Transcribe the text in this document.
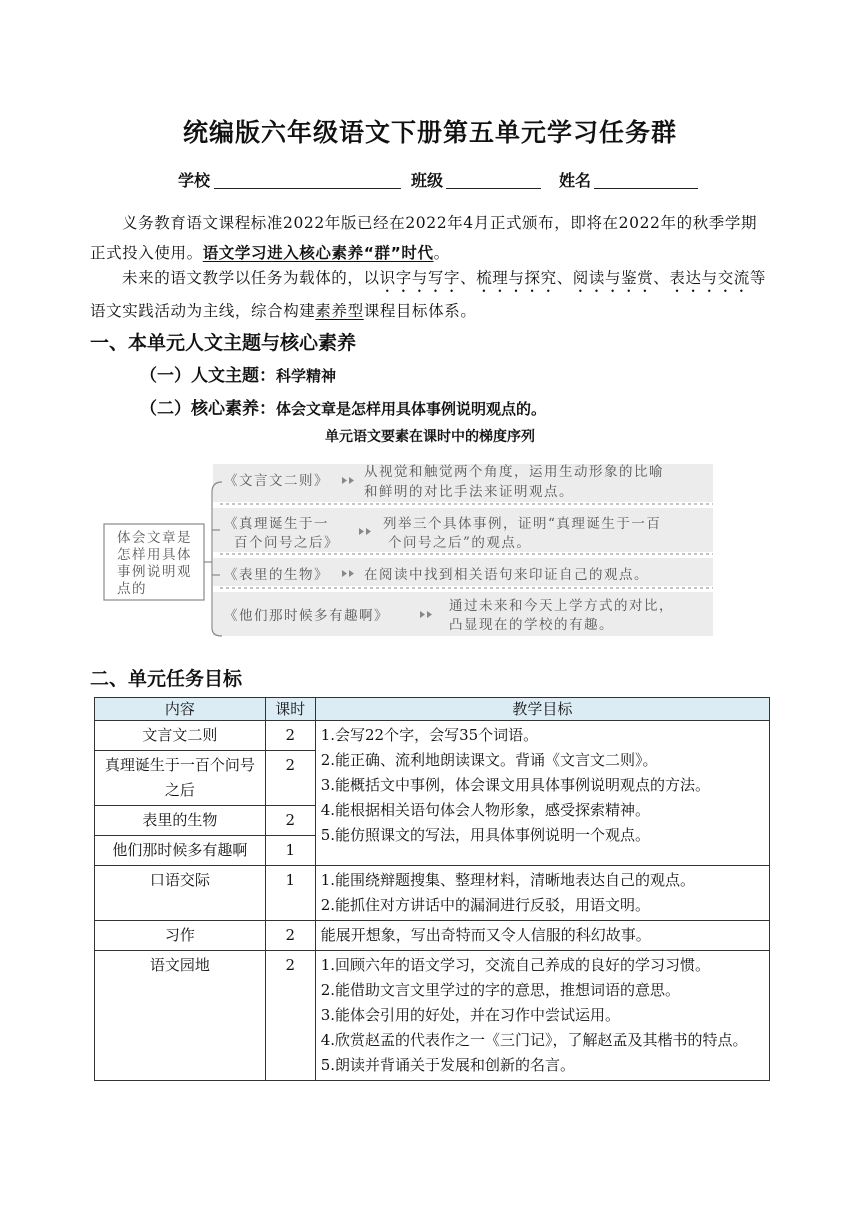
统编版六年级语文下册第五单元学习任务群
学校	班级	姓名
义务教育语文课程标准2022年版已经在2022年4月正式颁布，即将在2022年的秋季学期正式投入使用。语文学习进入核心素养“群”时代。
未来的语文教学以任务为载体的，以识字与写字、梳理与探究、阅读与鉴赏、表达与交流等语文实践活动为主线，综合构建素养型课程目标体系。
一、本单元人文主题与核心素养
（一）人文主题：科学精神
（二）核心素养：体会文章是怎样用具体事例说明观点的。
单元语文要素在课时中的梯度序列
体会文章是
怎样用具体
事例说明观
点的
《文言文二则》
从视觉和触觉两个角度，运用生动形象的比喻
和鲜明的对比手法来证明观点。
《真理诞生于一
百个问号之后》
列举三个具体事例，证明“真理诞生于一百
个问号之后”的观点。
《表里的生物》	在阅读中找到相关语句来印证自己的观点。
《他们那时候多有趣啊》
通过未来和今天上学方式的对比，
凸显现在的学校的有趣。
二、单元任务目标
内容	课时	教学目标
文言文二则	2	1.会写22个字，会写35个词语。
2.能正确、流利地朗读课文。背诵《文言文二则》。
3.能概括文中事例，体会课文用具体事例说明观点的方法。
4.能根据相关语句体会人物形象，感受探索精神。
5.能仿照课文的写法，用具体事例说明一个观点。

真理诞生于一百个问号之后	2	
表里的生物	2	
他们那时候多有趣啊	1	
口语交际	1	1.能围绕辩题搜集、整理材料，清晰地表达自己的观点。
2.能抓住对方讲话中的漏洞进行反驳，用语文明。

习作	2	能展开想象，写出奇特而又令人信服的科幻故事。

语文园地	2	1.回顾六年的语文学习，交流自己养成的良好的学习习惯。
2.能借助文言文里学过的字的意思，推想词语的意思。
3.能体会引用的好处，并在习作中尝试运用。
4.欣赏赵孟的代表作之一《三门记》，了解赵孟及其楷书的特点。
5.朗读并背诵关于发展和创新的名言。
